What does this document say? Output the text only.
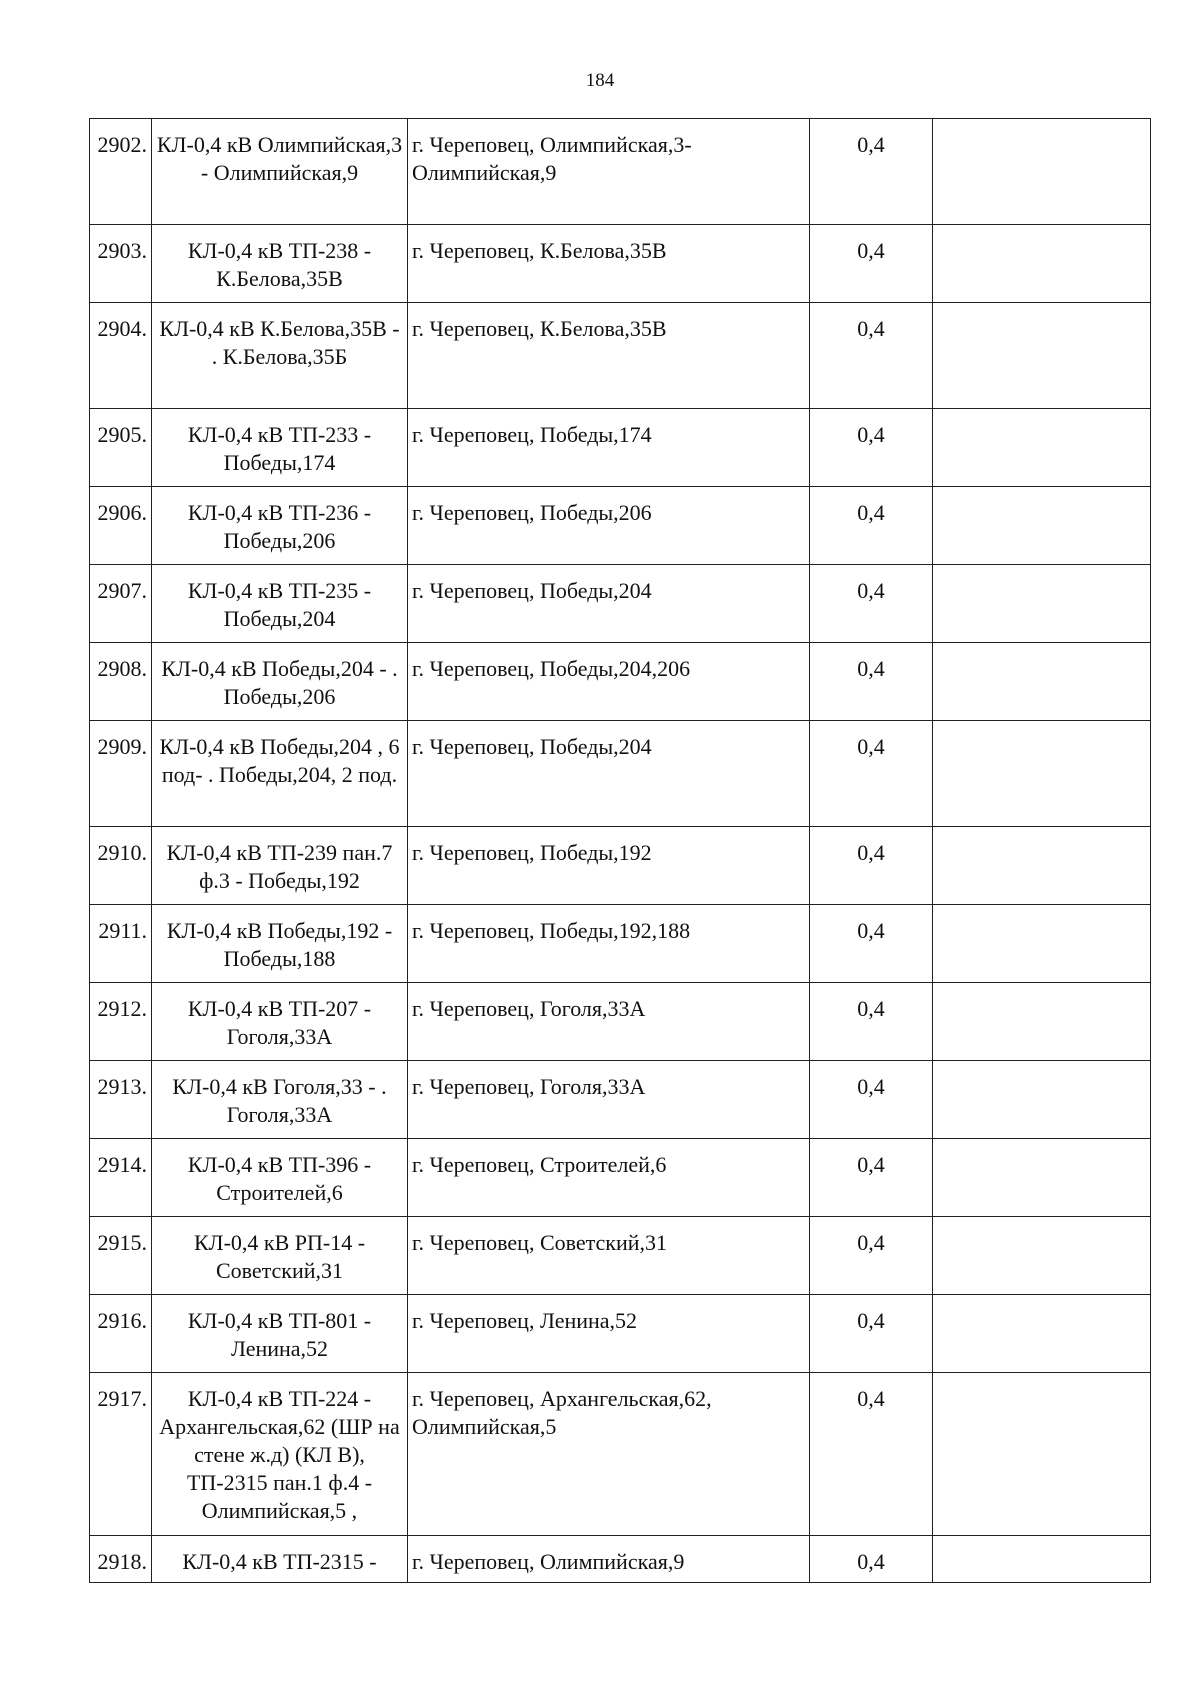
184
2902.	КЛ-0,4 кВ Олимпийская,3 - Олимпийская,9	г. Череповец, Олимпийская,3-Олимпийская,9	0,4	
2903.	КЛ-0,4 кВ ТП-238 - К.Белова,35В	г. Череповец, К.Белова,35В	0,4	
2904.	КЛ-0,4 кВ К.Белова,35В - . К.Белова,35Б	г. Череповец, К.Белова,35В	0,4	
2905.	КЛ-0,4 кВ ТП-233 - Победы,174	г. Череповец, Победы,174	0,4	
2906.	КЛ-0,4 кВ ТП-236 - Победы,206	г. Череповец, Победы,206	0,4	
2907.	КЛ-0,4 кВ ТП-235 - Победы,204	г. Череповец, Победы,204	0,4	
2908.	КЛ-0,4 кВ Победы,204 - . Победы,206	г. Череповец, Победы,204,206	0,4	
2909.	КЛ-0,4 кВ Победы,204 , 6 под- . Победы,204, 2 под.	г. Череповец, Победы,204	0,4	
2910.	КЛ-0,4 кВ ТП-239 пан.7 ф.3 - Победы,192	г. Череповец, Победы,192	0,4	
2911.	КЛ-0,4 кВ Победы,192 - Победы,188	г. Череповец, Победы,192,188	0,4	
2912.	КЛ-0,4 кВ ТП-207 - Гоголя,33А	г. Череповец, Гоголя,33А	0,4	
2913.	КЛ-0,4 кВ Гоголя,33 - . Гоголя,33А	г. Череповец, Гоголя,33А	0,4	
2914.	КЛ-0,4 кВ ТП-396 - Строителей,6	г. Череповец, Строителей,6	0,4	
2915.	КЛ-0,4 кВ РП-14 - Советский,31	г. Череповец, Советский,31	0,4	
2916.	КЛ-0,4 кВ ТП-801 - Ленина,52	г. Череповец, Ленина,52	0,4	
2917.	КЛ-0,4 кВ ТП-224 - Архангельская,62 (ШР на стене ж.д) (КЛ В), ТП-2315 пан.1 ф.4 - Олимпийская,5 ,	г. Череповец, Архангельская,62, Олимпийская,5	0,4	
2918.	КЛ-0,4 кВ ТП-2315 -	г. Череповец, Олимпийская,9	0,4	
